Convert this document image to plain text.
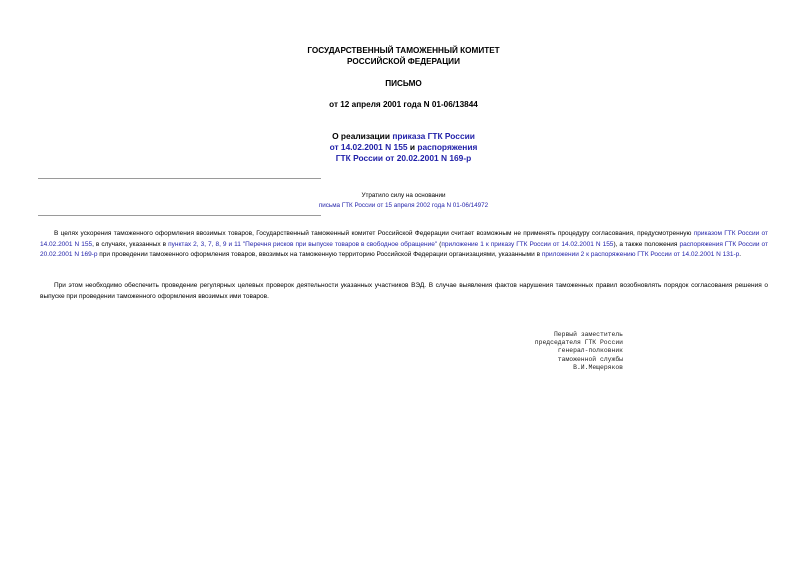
ГОСУДАРСТВЕННЫЙ ТАМОЖЕННЫЙ КОМИТЕТ
РОССИЙСКОЙ ФЕДЕРАЦИИ
ПИСЬМО
от 12 апреля 2001 года N 01-06/13844
О реализации приказа ГТК России
от 14.02.2001 N 155 и распоряжения
ГТК России от 20.02.2001 N 169-р
Утратило силу на основании
письма ГТК России от 15 апреля 2002 года N 01-06/14972

В целях ускорения таможенного оформления ввозимых товаров, Государственный таможенный комитет Российской Федерации считает возможным не применять процедуру согласования, предусмотренную приказом ГТК России от 14.02.2001 N 155, в случаях, указанных в пунктах 2, 3, 7, 8, 9 и 11 "Перечня рисков при выпуске товаров в свободное обращение" (приложение 1 к приказу ГТК России от 14.02.2001 N 155), а также положения распоряжения ГТК России от 20.02.2001 N 169-р при проведении таможенного оформления товаров, ввозимых на таможенную территорию Российской Федерации организациями, указанными в приложении 2 к распоряжению ГТК России от 14.02.2001 N 131-р.

При этом необходимо обеспечить проведение регулярных целевых проверок деятельности указанных участников ВЭД. В случае выявления фактов нарушения таможенных правил возобновлять порядок согласования решения о выпуске при проведении таможенного оформления ввозимых ими товаров.

Первый заместитель
председателя ГТК России
генерал-полковник
таможенной службы
В.И.Мещеряков
